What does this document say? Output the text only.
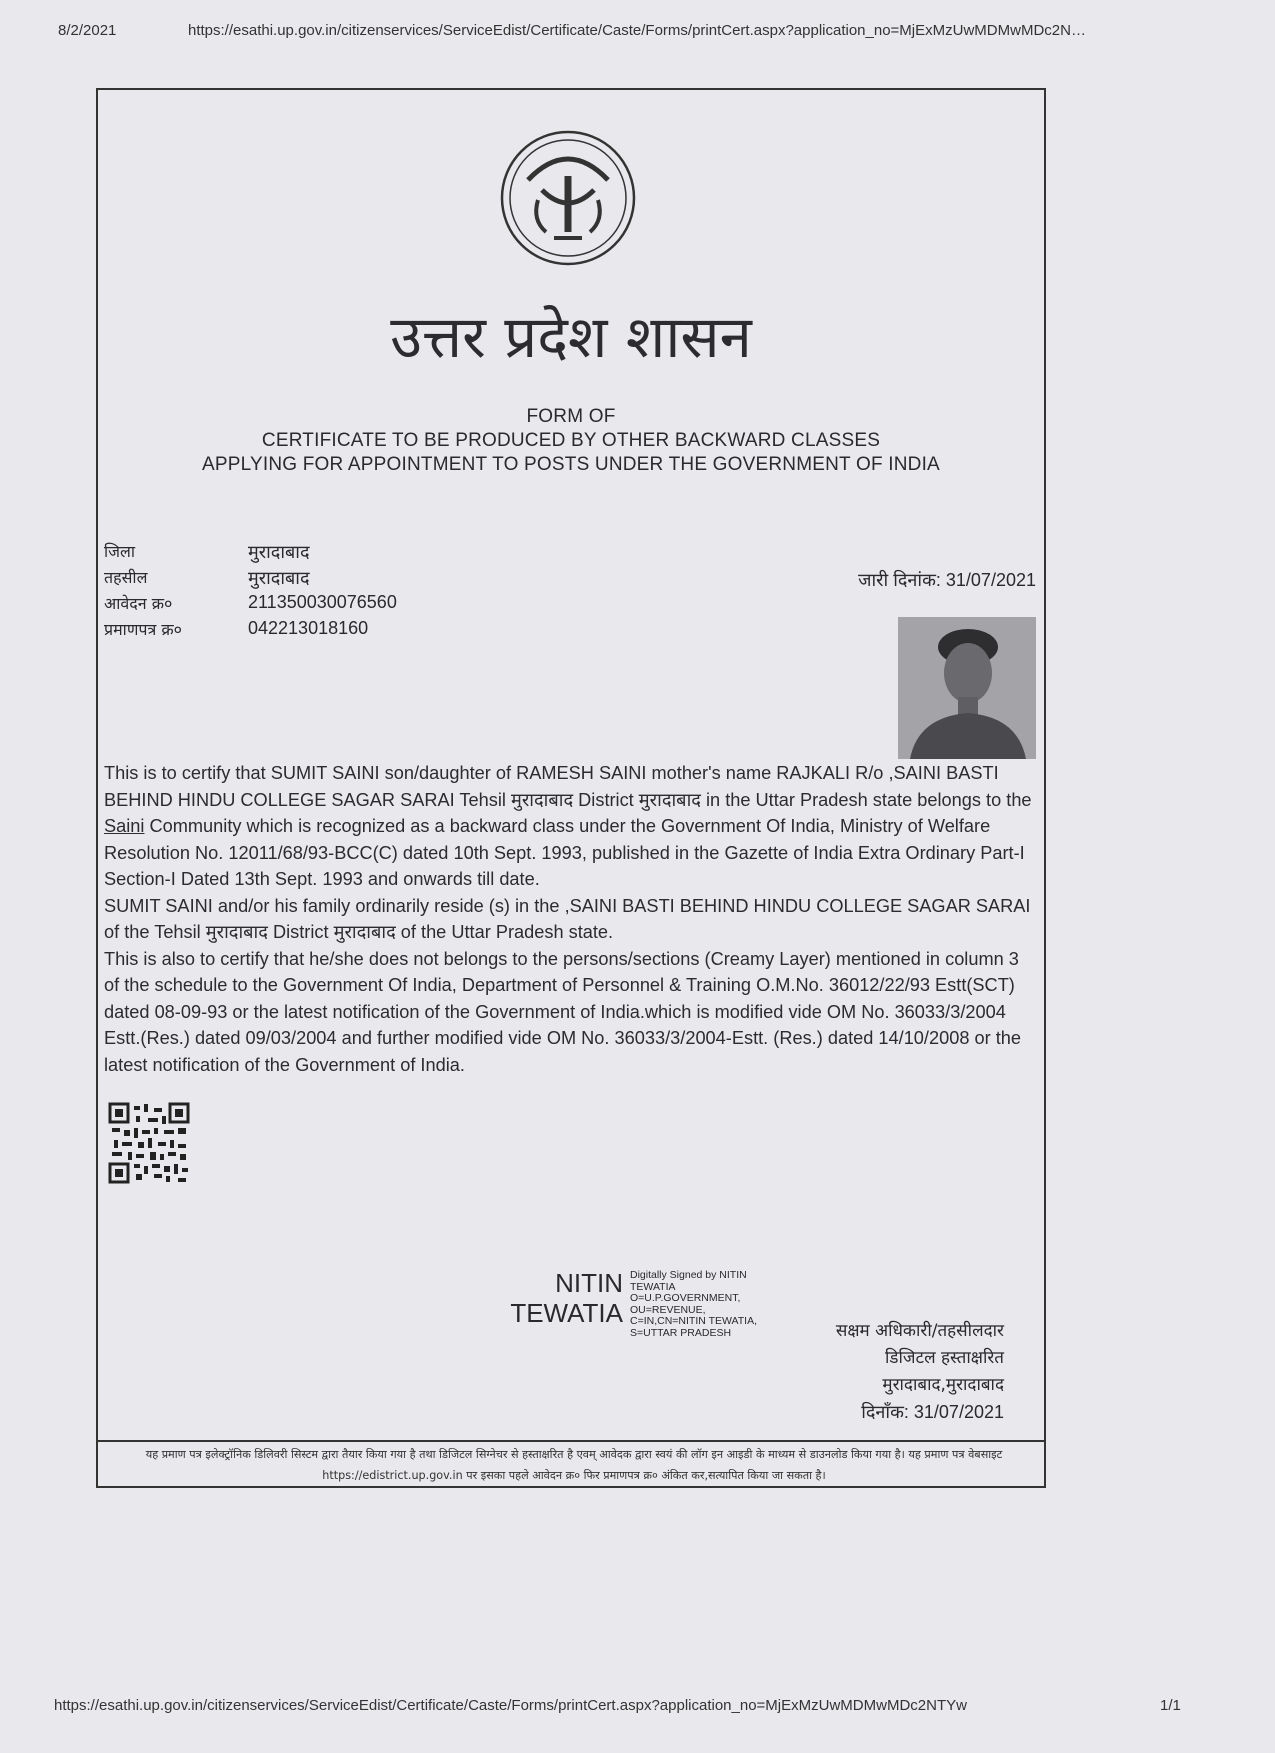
8/2/2021	https://esathi.up.gov.in/citizenservices/ServiceEdist/Certificate/Caste/Forms/printCert.aspx?application_no=MjExMzUwMDMwMDc2N…
उत्तर प्रदेश शासन
FORM OF
CERTIFICATE TO BE PRODUCED BY OTHER BACKWARD CLASSES
APPLYING FOR APPOINTMENT TO POSTS UNDER THE GOVERNMENT OF INDIA
जिला	मुरादाबाद
तहसील	मुरादाबाद
आवेदन क्र०	211350030076560
प्रमाणपत्र क्र०	042213018160
जारी दिनांक: 31/07/2021

This is to certify that SUMIT SAINI son/daughter of RAMESH SAINI mother's name RAJKALI R/o ,SAINI BASTI BEHIND HINDU COLLEGE SAGAR SARAI Tehsil मुरादाबाद District मुरादाबाद in the Uttar Pradesh state belongs to the Saini Community which is recognized as a backward class under the Government Of India, Ministry of Welfare Resolution No. 12011/68/93-BCC(C) dated 10th Sept. 1993, published in the Gazette of India Extra Ordinary Part-I Section-I Dated 13th Sept. 1993 and onwards till date.

SUMIT SAINI and/or his family ordinarily reside (s) in the ,SAINI BASTI BEHIND HINDU COLLEGE SAGAR SARAI of the Tehsil मुरादाबाद District मुरादाबाद of the Uttar Pradesh state.

This is also to certify that he/she does not belongs to the persons/sections (Creamy Layer) mentioned in column 3 of the schedule to the Government Of India, Department of Personnel & Training O.M.No. 36012/22/93 Estt(SCT) dated 08-09-93 or the latest notification of the Government of India.which is modified vide OM No. 36033/3/2004 Estt.(Res.) dated 09/03/2004 and further modified vide OM No. 36033/3/2004-Estt. (Res.) dated 14/10/2008 or the latest notification of the Government of India.

NITIN
TEWATIA
Digitally Signed by NITIN TEWATIA O=U.P.GOVERNMENT, OU=REVENUE, C=IN,CN=NITIN TEWATIA, S=UTTAR PRADESH	सक्षम अधिकारी/तहसीलदार
डिजिटल हस्ताक्षरित
मुरादाबाद,मुरादाबाद
दिनाँक: 31/07/2021
यह प्रमाण पत्र इलेक्ट्रॉनिक डिलिवरी सिस्टम द्वारा तैयार किया गया है तथा डिजिटल सिग्नेचर से हस्ताक्षरित है एवम् आवेदक द्वारा स्वयं की लॉग इन आइडी के माध्यम से डाउनलोड किया गया है। यह प्रमाण पत्र वेबसाइट https://edistrict.up.gov.in पर इसका पहले आवेदन क्र० फिर प्रमाणपत्र क्र० अंकित कर,सत्यापित किया जा सकता है।
https://esathi.up.gov.in/citizenservices/ServiceEdist/Certificate/Caste/Forms/printCert.aspx?application_no=MjExMzUwMDMwMDc2NTYw	1/1
